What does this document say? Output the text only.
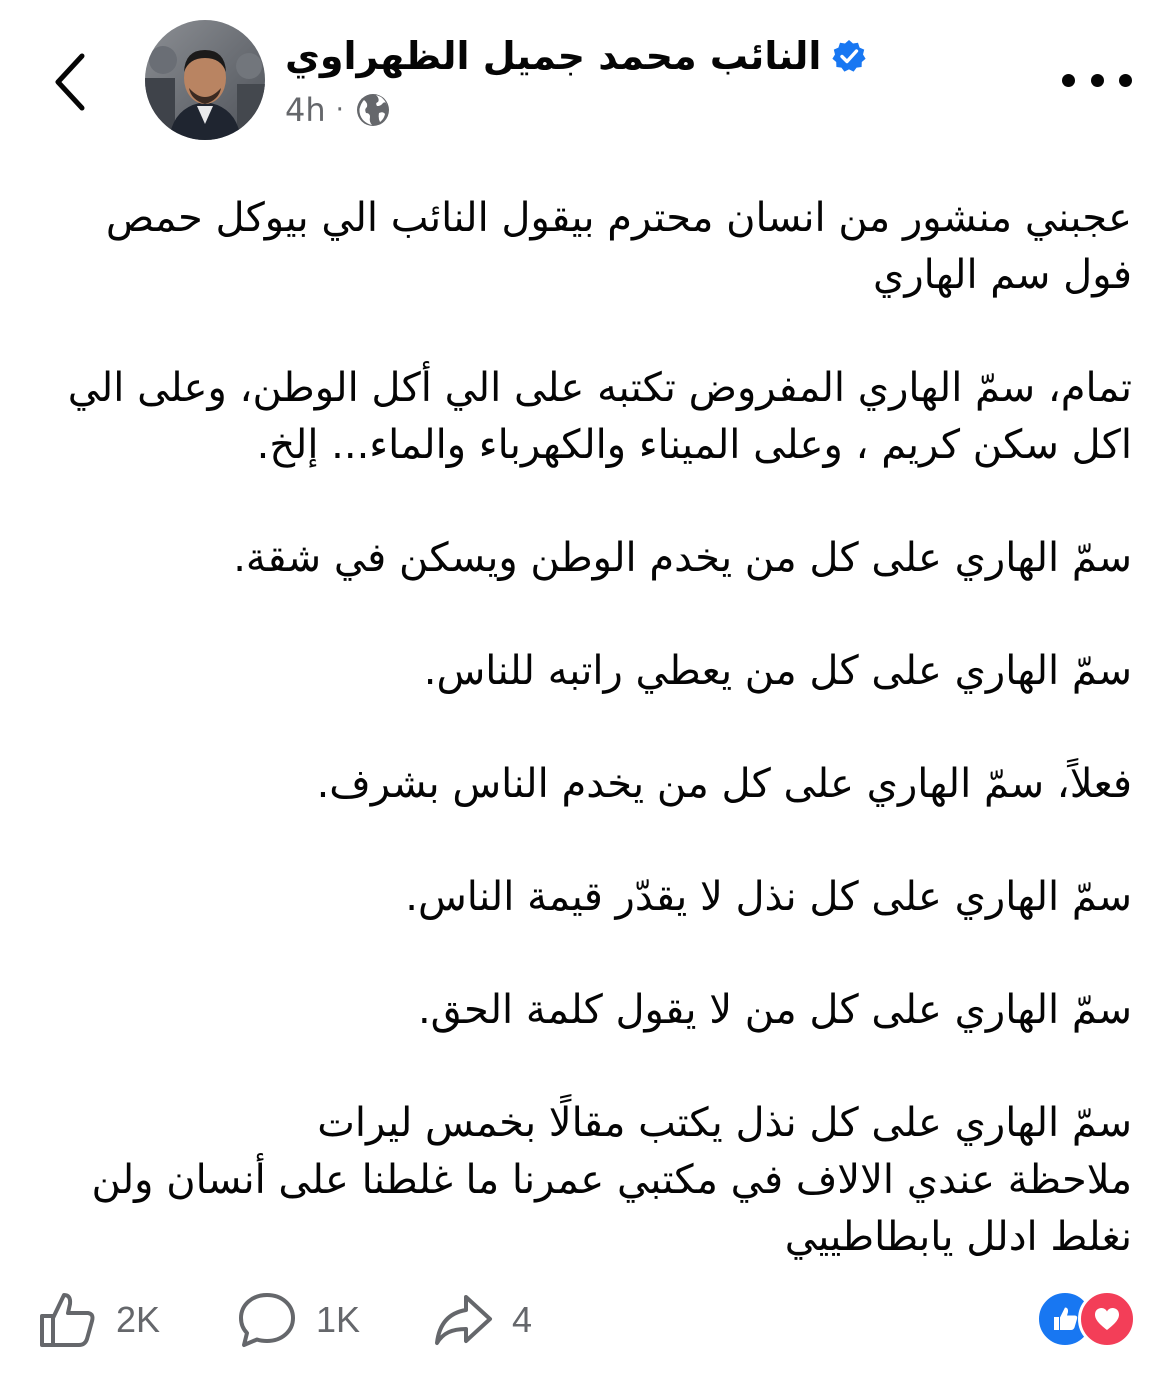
النائب محمد جميل الظهراوي
4h ·

عجبني منشور من انسان محترم بيقول النائب الي بيوكل حمص
فول سم الهاري

تمام، سمّ الهاري المفروض تكتبه على الي أكل الوطن، وعلى الي
اكل سكن كريم ، وعلى الميناء والكهرباء والماء... إلخ.

سمّ الهاري على كل من يخدم الوطن ويسكن في شقة.

سمّ الهاري على كل من يعطي راتبه للناس.

فعلاً، سمّ الهاري على كل من يخدم الناس بشرف.

سمّ الهاري على كل نذل لا يقدّر قيمة الناس.

سمّ الهاري على كل من لا يقول كلمة الحق.

سمّ الهاري على كل نذل يكتب مقالًا بخمس ليرات
ملاحظة عندي الالاف في مكتبي عمرنا ما غلطنا على أنسان ولن
نغلط ادلل يابطاطييي

2K	1K	4
